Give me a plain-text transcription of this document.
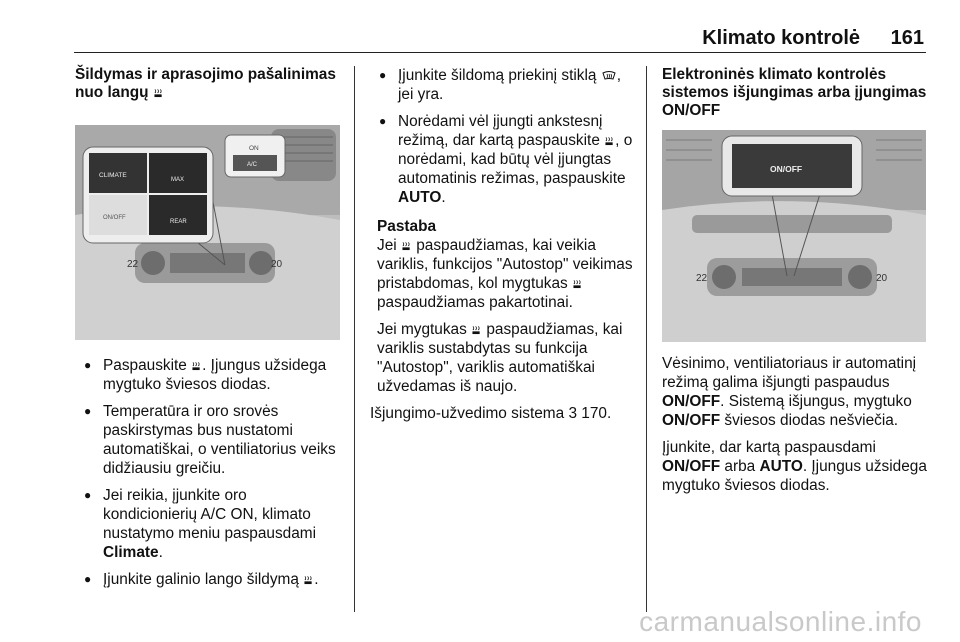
Klimato kontrolė 161
Šildymas ir aprasojimo pašalinimas nuo langų
22	20
CLIMATE
MAX
ON/OFF
REAR
ON
A/C
● Paspauskite . Įjungus užsidega mygtuko šviesos diodas.
● Temperatūra ir oro srovės paskirstymas bus nustatomi automatiškai, o ventiliatorius veiks didžiausiu greičiu.
● Jei reikia, įjunkite oro kondicionierių A/C ON, klimato nustatymo meniu paspausdami Climate.
● Įjunkite galinio lango šildymą .
● Įjunkite šildomą priekinį stiklą , jei yra.
● Norėdami vėl įjungti ankstesnį režimą, dar kartą paspauskite , o norėdami, kad būtų vėl įjungtas automatinis režimas, paspauskite AUTO.

Pastaba

Jei  paspaudžiamas, kai veikia variklis, funkcijos "Autostop" veikimas pristabdomas, kol mygtukas  paspaudžiamas pakartotinai.

Jei mygtukas  paspaudžiamas, kai variklis sustabdytas su funkcija "Autostop", variklis automatiškai užvedamas iš naujo.

Išjungimo-užvedimo sistema 3 170.

Elektroninės klimato kontrolės sistemos išjungimas arba įjungimas ON/OFF
22	20
ON/OFF

Vėsinimo, ventiliatoriaus ir automatinį režimą galima išjungti paspaudus ON/OFF. Sistemą išjungus, mygtuko ON/OFF šviesos diodas nešviečia.

Įjunkite, dar kartą paspausdami ON/OFF arba AUTO. Įjungus užsidega mygtuko šviesos diodas.

carmanualsonline.info
